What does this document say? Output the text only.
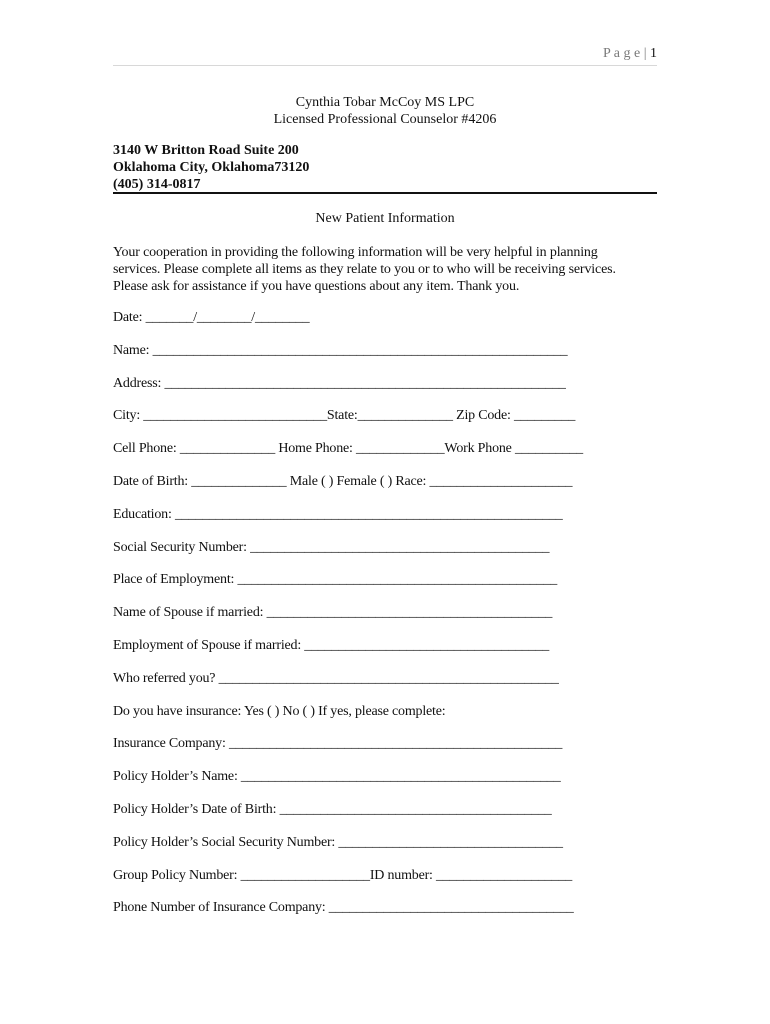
P a g e | 1
Cynthia Tobar McCoy MS LPC
Licensed Professional Counselor #4206
3140 W Britton Road Suite 200
Oklahoma City, Oklahoma73120
(405) 314-0817
New Patient Information
Your cooperation in providing the following information will be very helpful in planning
services. Please complete all items as they relate to you or to who will be receiving services.
Please ask for assistance if you have questions about any item. Thank you.
Date: _______/________/________
Name: _____________________________________________________________
Address: ___________________________________________________________
City: ___________________________State:______________ Zip Code: _________
Cell Phone: ______________ Home Phone: _____________Work Phone __________
Date of Birth: ______________ Male ( ) Female ( ) Race: _____________________
Education: _________________________________________________________
Social Security Number: ____________________________________________
Place of Employment: _______________________________________________
Name of Spouse if married: __________________________________________
Employment of Spouse if married: ____________________________________
Who referred you? __________________________________________________
Do you have insurance: Yes ( ) No ( ) If yes, please complete:
Insurance Company: _________________________________________________
Policy Holder’s Name: _______________________________________________
Policy Holder’s Date of Birth: ________________________________________
Policy Holder’s Social Security Number: _________________________________
Group Policy Number: ___________________ID number: ____________________
Phone Number of Insurance Company: ____________________________________
